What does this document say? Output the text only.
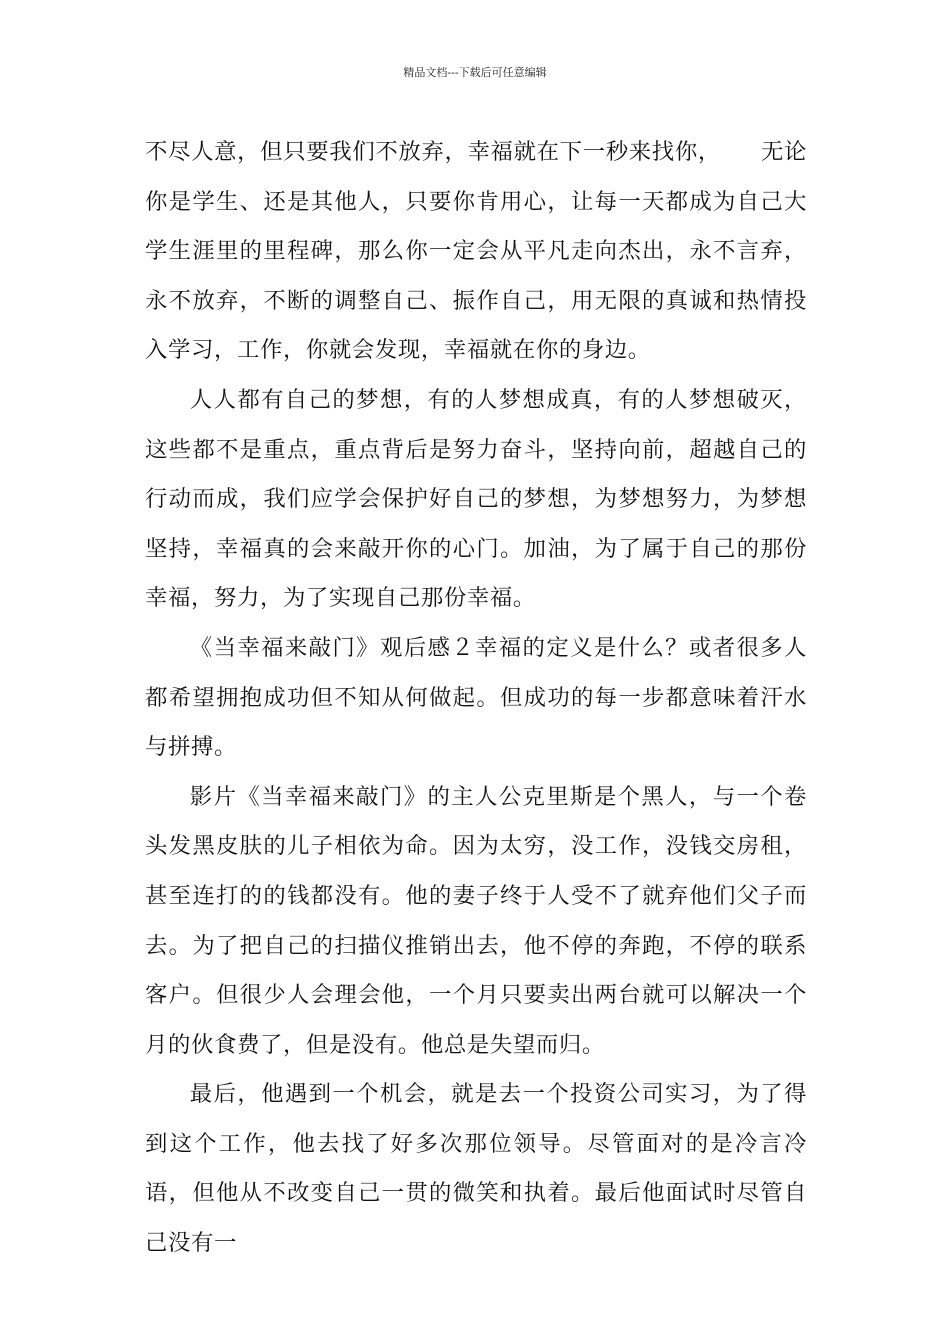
精品文档---下载后可任意编辑

不尽人意，但只要我们不放弃，幸福就在下一秒来找你， 无论你是学生、还是其他人，只要你肯用心，让每一天都成为自己大学生涯里的里程碑，那么你一定会从平凡走向杰出，永不言弃，永不放弃，不断的调整自己、振作自己，用无限的真诚和热情投入学习，工作，你就会发现，幸福就在你的身边。

人人都有自己的梦想，有的人梦想成真，有的人梦想破灭，这些都不是重点，重点背后是努力奋斗，坚持向前，超越自己的行动而成，我们应学会保护好自己的梦想，为梦想努力，为梦想坚持，幸福真的会来敲开你的心门。加油，为了属于自己的那份幸福，努力，为了实现自己那份幸福。

《当幸福来敲门》观后感２幸福的定义是什么？或者很多人都希望拥抱成功但不知从何做起。但成功的每一步都意味着汗水与拼搏。

影片《当幸福来敲门》的主人公克里斯是个黑人，与一个卷头发黑皮肤的儿子相依为命。因为太穷，没工作，没钱交房租，甚至连打的的钱都没有。他的妻子终于人受不了就弃他们父子而去。为了把自己的扫描仪推销出去，他不停的奔跑，不停的联系客户。但很少人会理会他，一个月只要卖出两台就可以解决一个月的伙食费了，但是没有。他总是失望而归。

最后，他遇到一个机会，就是去一个投资公司实习，为了得到这个工作，他去找了好多次那位领导。尽管面对的是冷言冷语，但他从不改变自己一贯的微笑和执着。最后他面试时尽管自己没有一
